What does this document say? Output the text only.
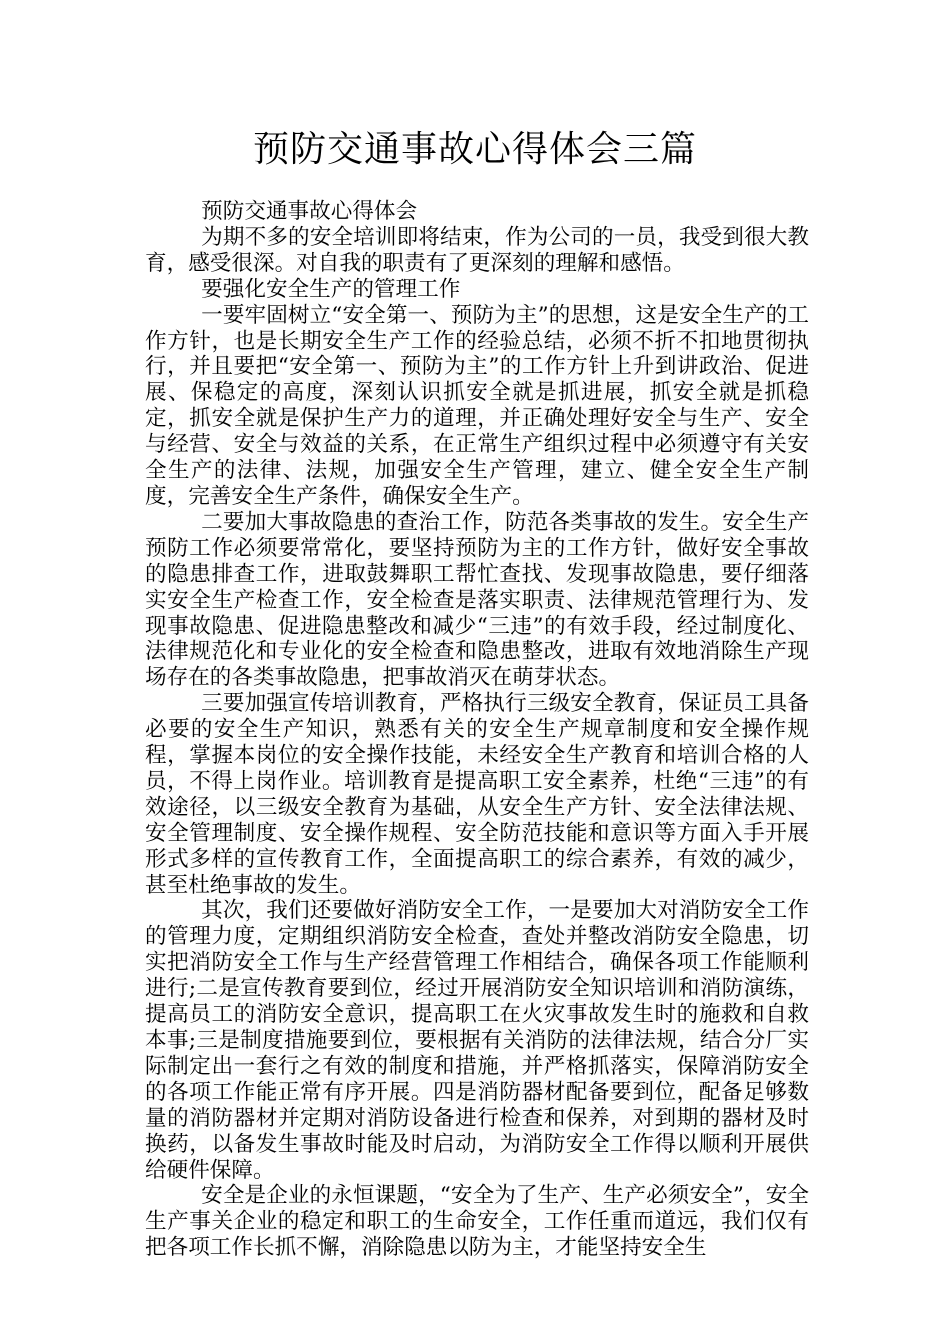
预防交通事故心得体会三篇

预防交通事故心得体会

为期不多的安全培训即将结束，作为公司的一员，我受到很大教育，感受很深。对自我的职责有了更深刻的理解和感悟。

要强化安全生产的管理工作

一要牢固树立“安全第一、预防为主”的思想，这是安全生产的工作方针，也是长期安全生产工作的经验总结，必须不折不扣地贯彻执行，并且要把“安全第一、预防为主”的工作方针上升到讲政治、促进展、保稳定的高度，深刻认识抓安全就是抓进展，抓安全就是抓稳定，抓安全就是保护生产力的道理，并正确处理好安全与生产、安全与经营、安全与效益的关系，在正常生产组织过程中必须遵守有关安全生产的法律、法规，加强安全生产管理，建立、健全安全生产制度，完善安全生产条件，确保安全生产。

二要加大事故隐患的查治工作，防范各类事故的发生。安全生产预防工作必须要常常化，要坚持预防为主的工作方针，做好安全事故的隐患排查工作，进取鼓舞职工帮忙查找、发现事故隐患，要仔细落实安全生产检查工作，安全检查是落实职责、法律规范管理行为、发现事故隐患、促进隐患整改和减少“三违”的有效手段，经过制度化、法律规范化和专业化的安全检查和隐患整改，进取有效地消除生产现场存在的各类事故隐患，把事故消灭在萌芽状态。

三要加强宣传培训教育，严格执行三级安全教育，保证员工具备必要的安全生产知识，熟悉有关的安全生产规章制度和安全操作规程，掌握本岗位的安全操作技能，未经安全生产教育和培训合格的人员，不得上岗作业。培训教育是提高职工安全素养，杜绝“三违”的有效途径，以三级安全教育为基础，从安全生产方针、安全法律法规、安全管理制度、安全操作规程、安全防范技能和意识等方面入手开展形式多样的宣传教育工作，全面提高职工的综合素养，有效的减少，甚至杜绝事故的发生。

其次，我们还要做好消防安全工作，一是要加大对消防安全工作的管理力度，定期组织消防安全检查，查处并整改消防安全隐患，切实把消防安全工作与生产经营管理工作相结合，确保各项工作能顺利进行;二是宣传教育要到位，经过开展消防安全知识培训和消防演练，提高员工的消防安全意识，提高职工在火灾事故发生时的施救和自救本事;三是制度措施要到位，要根据有关消防的法律法规，结合分厂实际制定出一套行之有效的制度和措施，并严格抓落实，保障消防安全的各项工作能正常有序开展。四是消防器材配备要到位，配备足够数量的消防器材并定期对消防设备进行检查和保养，对到期的器材及时换药，以备发生事故时能及时启动，为消防安全工作得以顺利开展供给硬件保障。

安全是企业的永恒课题，“安全为了生产、生产必须安全”，安全生产事关企业的稳定和职工的生命安全，工作任重而道远，我们仅有把各项工作长抓不懈，消除隐患以防为主，才能坚持安全生
